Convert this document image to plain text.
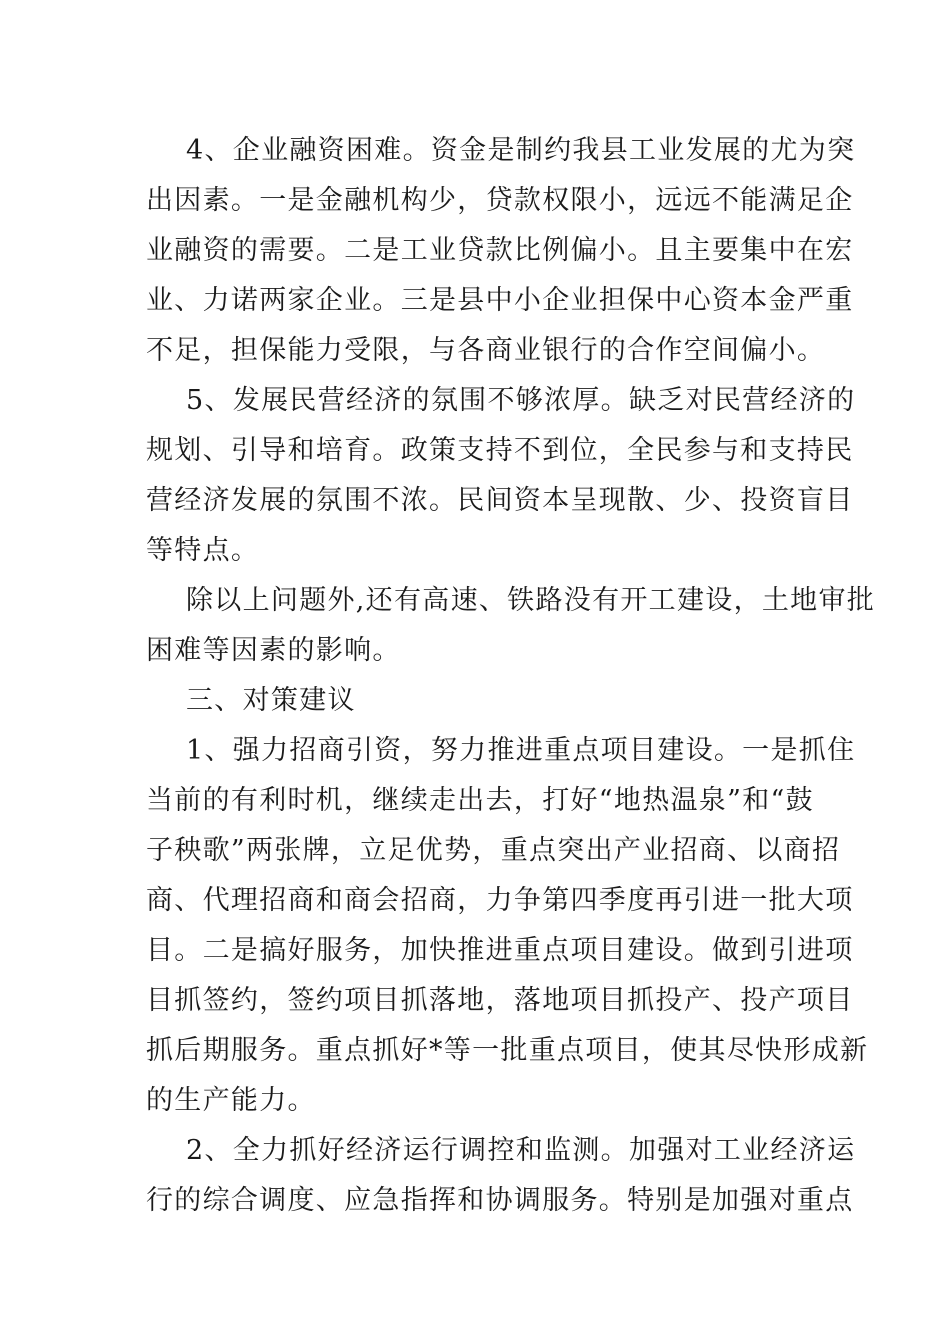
4、企业融资困难。资金是制约我县工业发展的尤为突
出因素。一是金融机构少，贷款权限小，远远不能满足企
业融资的需要。二是工业贷款比例偏小。且主要集中在宏
业、力诺两家企业。三是县中小企业担保中心资本金严重
不足，担保能力受限，与各商业银行的合作空间偏小。
5、发展民营经济的氛围不够浓厚。缺乏对民营经济的
规划、引导和培育。政策支持不到位，全民参与和支持民
营经济发展的氛围不浓。民间资本呈现散、少、投资盲目
等特点。
除以上问题外,还有高速、铁路没有开工建设，土地审批
困难等因素的影响。
三、对策建议
1、强力招商引资，努力推进重点项目建设。一是抓住
当前的有利时机，继续走出去，打好“地热温泉”和“鼓
子秧歌”两张牌，立足优势，重点突出产业招商、以商招
商、代理招商和商会招商，力争第四季度再引进一批大项
目。二是搞好服务，加快推进重点项目建设。做到引进项
目抓签约，签约项目抓落地，落地项目抓投产、投产项目
抓后期服务。重点抓好*等一批重点项目，使其尽快形成新
的生产能力。
2、全力抓好经济运行调控和监测。加强对工业经济运
行的综合调度、应急指挥和协调服务。特别是加强对重点
